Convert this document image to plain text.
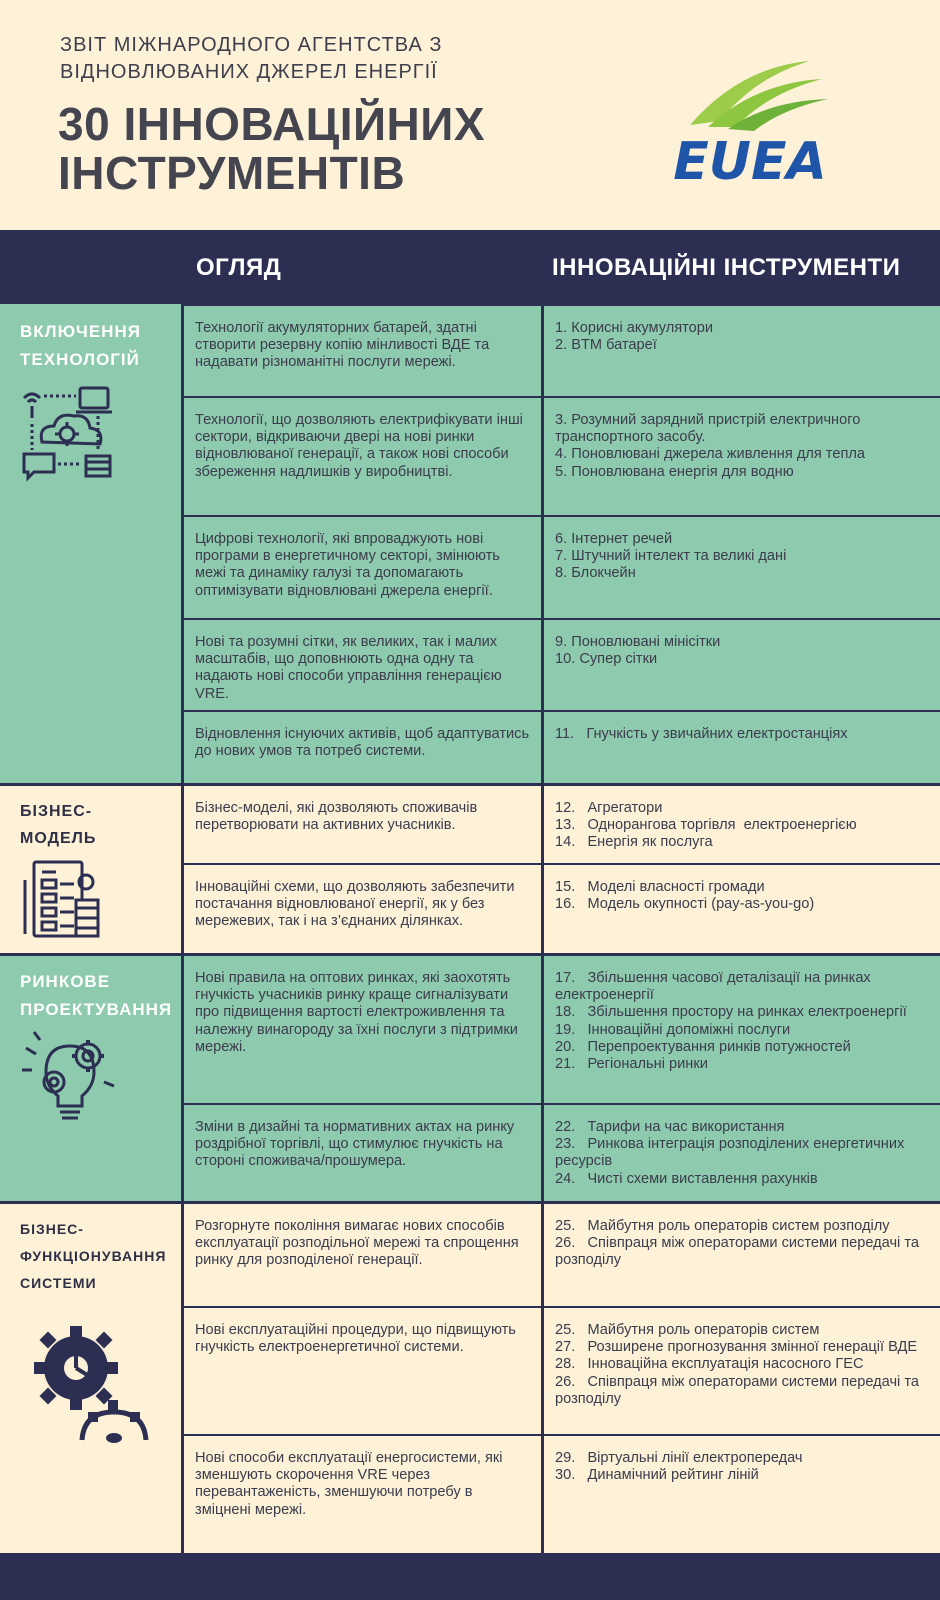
ЗВІТ МІЖНАРОДНОГО АГЕНТСТВА З
ВІДНОВЛЮВАНИХ ДЖЕРЕЛ ЕНЕРГІЇ
30 ІННОВАЦІЙНИХ
ІНСТРУМЕНТІВ	EUEA
ОГЛЯД	ІННОВАЦІЙНІ ІНСТРУМЕНТИ
ВКЛЮЧЕННЯ
ТЕХНОЛОГІЙ
Технології акумуляторних батарей, здатні створити резервну копію мінливості ВДЕ та надавати різноманітні послуги мережі.
1. Корисні акумулятори
2. BTM батареї
Технології, що дозволяють електрифікувати інші сектори, відкриваючи двері на нові ринки відновлюваної генерації, а також нові способи збереження надлишків у виробництві.
3. Розумний зарядний пристрій електричного транспортного засобу.
4. Поновлювані джерела живлення для тепла
5. Поновлювана енергія для водню
Цифрові технології, які впроваджують нові програми в енергетичному секторі, змінюють межі та динаміку галузі та допомагають оптимізувати відновлювані джерела енергії.
6. Інтернет речей
7. Штучний інтелект та великі дані
8. Блокчейн
Нові та розумні сітки, як великих, так і малих масштабів, що доповнюють одна одну та надають нові способи управління генерацією VRE.
9. Поновлювані мінісітки
10. Супер сітки
Відновлення існуючих активів, щоб адаптуватись до нових умов та потреб системи.
11.   Гнучкість у звичайних електростанціях
БІЗНЕС-
МОДЕЛЬ
Бізнес-моделі, які дозволяють споживачів перетворювати на активних учасників.
12.   Агрегатори
13.   Однорангова торгівля  електроенергією
14.   Енергія як послуга
Інноваційні схеми, що дозволяють забезпечити постачання відновлюваної енергії, як у без мережевих, так і на з’єднаних ділянках.
15.   Моделі власності громади
16.   Модель окупності (pay-as-you-go)
РИНКОВЕ
ПРОЕКТУВАННЯ
Нові правила на оптових ринках, які заохотять гнучкість учасників ринку краще сигналізувати про підвищення вартості електроживлення та належну винагороду за їхні послуги з підтримки мережі.
17.   Збільшення часової деталізації на ринках електроенергії
18.   Збільшення простору на ринках електроенергії
19.   Інноваційні допоміжні послуги
20.   Перепроектування ринків потужностей
21.   Регіональні ринки
Зміни в дизайні та нормативних актах на ринку роздрібної торгівлі, що стимулює гнучкість на стороні споживача/прошумера.
22.   Тарифи на час використання
23.   Ринкова інтеграція розподілених енергетичних ресурсів
24.   Чисті схеми виставлення рахунків
БІЗНЕС-
ФУНКЦІОНУВАННЯ
СИСТЕМИ
Розгорнуте покоління вимагає нових способів експлуатації розподільної мережі та спрощення ринку для розподіленої генерації.
25.   Майбутня роль операторів систем розподілу
26.   Співпраця між операторами системи передачі та розподілу
Нові експлуатаційні процедури, що підвищують гнучкість електроенергетичної системи.
25.   Майбутня роль операторів систем
27.   Розширене прогнозування змінної генерації ВДЕ
28.   Інноваційна експлуатація насосного ГЕС
26.   Співпраця між операторами системи передачі та розподілу
Нові способи експлуатації енергосистеми, які зменшують скорочення VRE через перевантаженість, зменшуючи потребу в зміцнені мережі.
29.   Віртуальні лінії електропередач
30.   Динамічний рейтинг ліній
